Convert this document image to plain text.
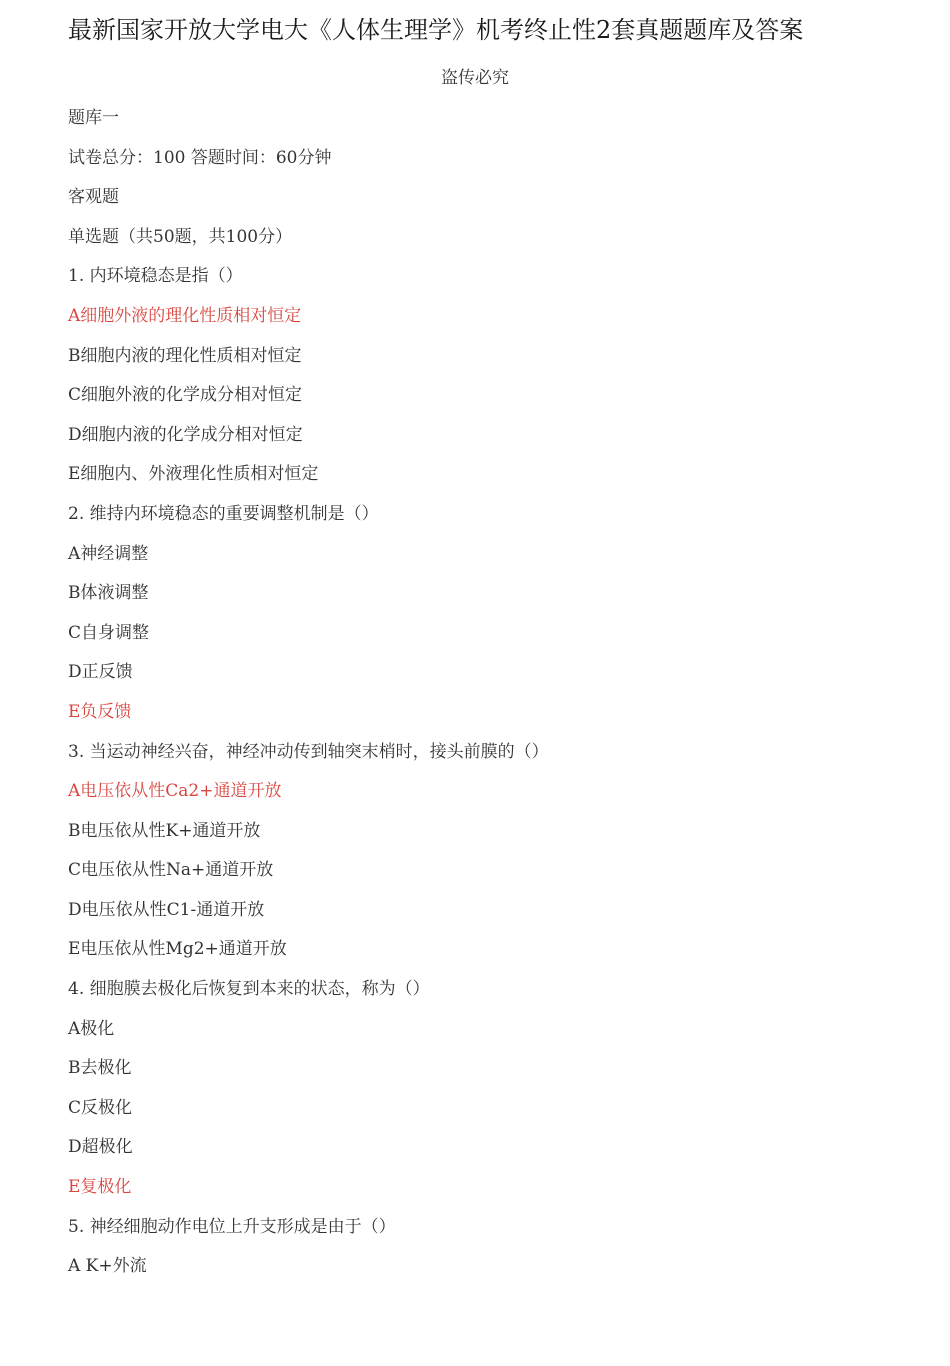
最新国家开放大学电大《人体生理学》机考终止性2套真题题库及答案
盗传必究
题库一
试卷总分：100 答题时间：60分钟
客观题
单选题（共50题，共100分）
1. 内环境稳态是指（）
A细胞外液的理化性质相对恒定
B细胞内液的理化性质相对恒定
C细胞外液的化学成分相对恒定
D细胞内液的化学成分相对恒定
E细胞内、外液理化性质相对恒定
2. 维持内环境稳态的重要调整机制是（）
A神经调整
B体液调整
C自身调整
D正反馈
E负反馈
3. 当运动神经兴奋，神经冲动传到轴突末梢时，接头前膜的（）
A电压依从性Ca2+通道开放
B电压依从性K+通道开放
C电压依从性Na+通道开放
D电压依从性C1-通道开放
E电压依从性Mg2+通道开放
4. 细胞膜去极化后恢复到本来的状态，称为（）
A极化
B去极化
C反极化
D超极化
E复极化
5. 神经细胞动作电位上升支形成是由于（）
A K+外流
